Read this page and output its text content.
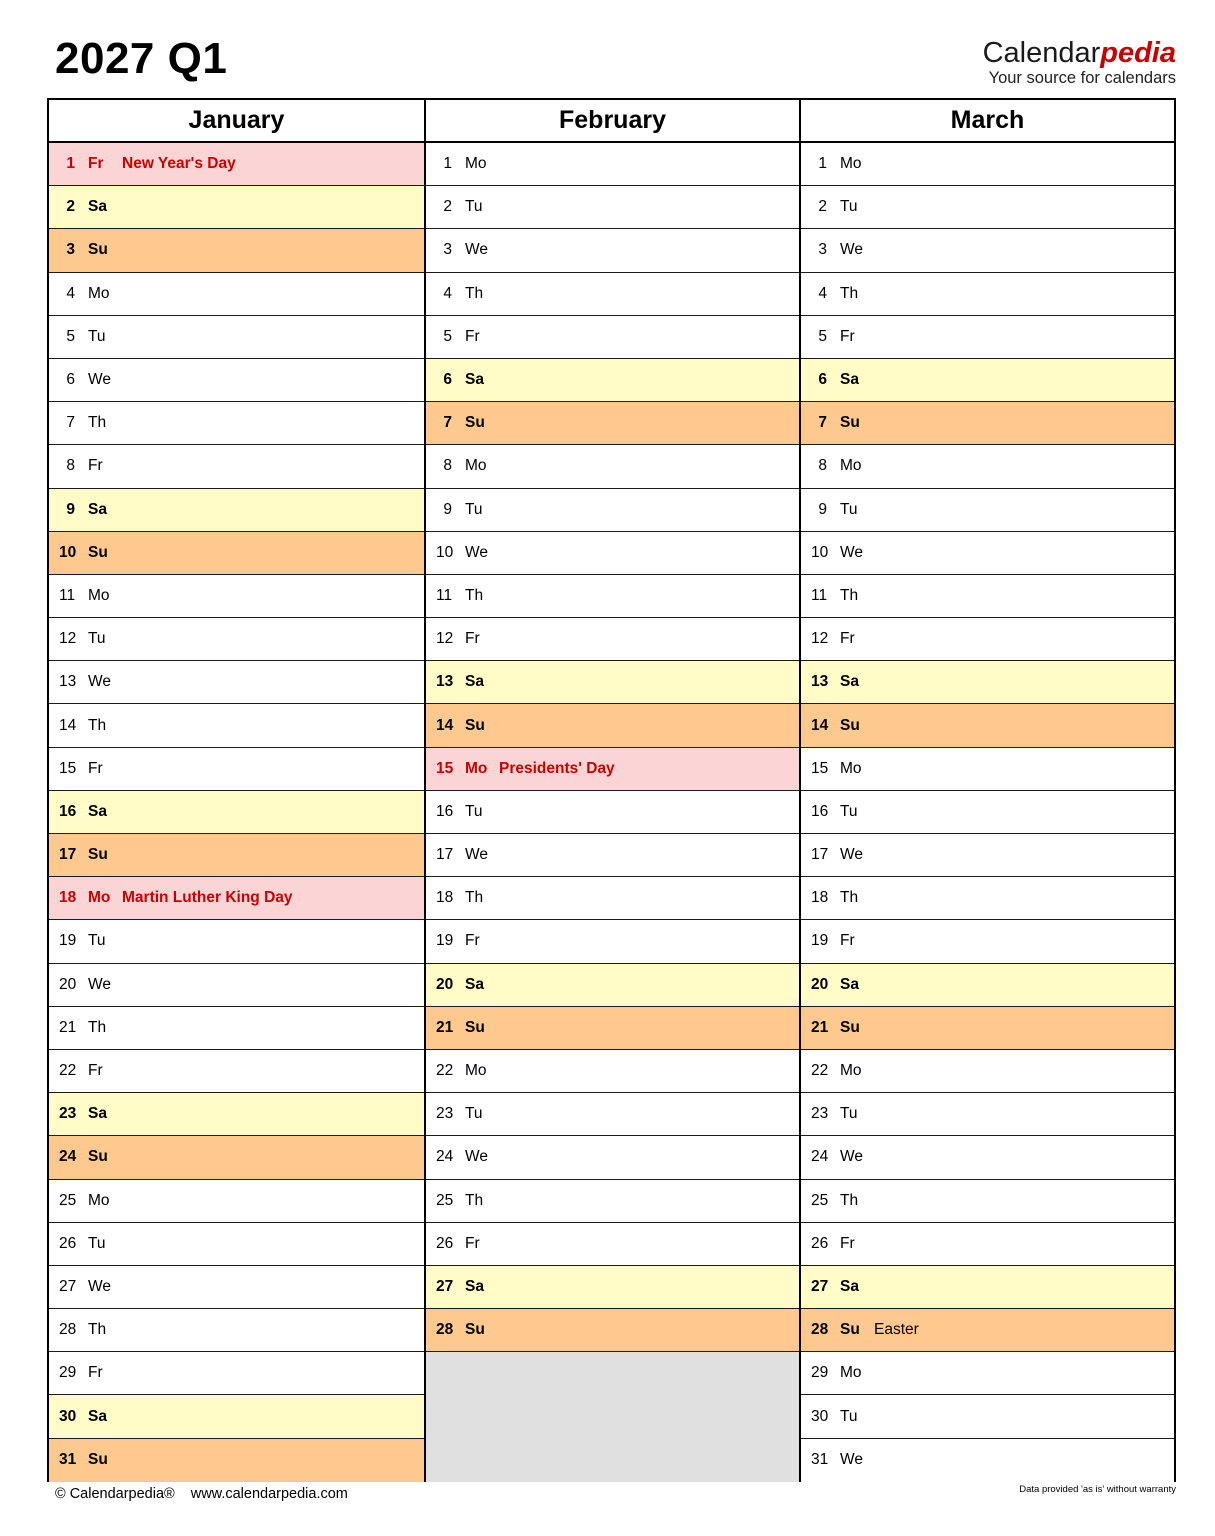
2027 Q1	Calendarpedia
Your source for calendars
January
1 Fr New Year's Day
2 Sa
3 Su
4 Mo
5 Tu
6 We
7 Th
8 Fr
9 Sa
10 Su
11 Mo
12 Tu
13 We
14 Th
15 Fr
16 Sa
17 Su
18 Mo Martin Luther King Day
19 Tu
20 We
21 Th
22 Fr
23 Sa
24 Su
25 Mo
26 Tu
27 We
28 Th
29 Fr
30 Sa
31 Su
February
1 Mo
2 Tu
3 We
4 Th
5 Fr
6 Sa
7 Su
8 Mo
9 Tu
10 We
11 Th
12 Fr
13 Sa
14 Su
15 Mo Presidents' Day
16 Tu
17 We
18 Th
19 Fr
20 Sa
21 Su
22 Mo
23 Tu
24 We
25 Th
26 Fr
27 Sa
28 Su
March
1 Mo
2 Tu
3 We
4 Th
5 Fr
6 Sa
7 Su
8 Mo
9 Tu
10 We
11 Th
12 Fr
13 Sa
14 Su
15 Mo
16 Tu
17 We
18 Th
19 Fr
20 Sa
21 Su
22 Mo
23 Tu
24 We
25 Th
26 Fr
27 Sa
28 Su Easter
29 Mo
30 Tu
31 We
© Calendarpedia® www.calendarpedia.com	Data provided 'as is' without warranty
